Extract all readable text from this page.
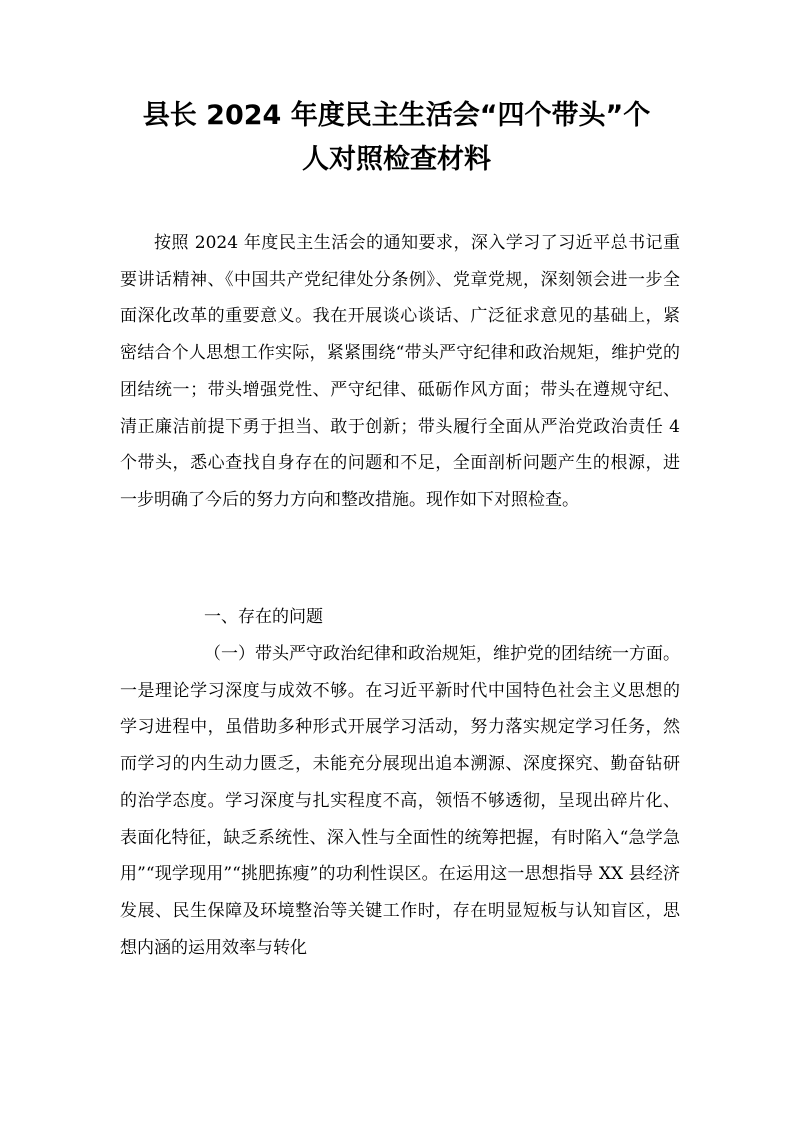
县长 2024 年度民主生活会“四个带头”个
人对照检查材料

按照 2024 年度民主生活会的通知要求，深入学习了习近平总书记重要讲话精神、《中国共产党纪律处分条例》、党章党规，深刻领会进一步全面深化改革的重要意义。我在开展谈心谈话、广泛征求意见的基础上，紧密结合个人思想工作实际，紧紧围绕“带头严守纪律和政治规矩，维护党的团结统一；带头增强党性、严守纪律、砥砺作风方面；带头在遵规守纪、清正廉洁前提下勇于担当、敢于创新；带头履行全面从严治党政治责任 4 个带头，悉心查找自身存在的问题和不足，全面剖析问题产生的根源，进一步明确了今后的努力方向和整改措施。现作如下对照检查。

一、存在的问题

（一）带头严守政治纪律和政治规矩，维护党的团结统一方面。一是理论学习深度与成效不够。在习近平新时代中国特色社会主义思想的学习进程中，虽借助多种形式开展学习活动，努力落实规定学习任务，然而学习的内生动力匮乏，未能充分展现出追本溯源、深度探究、勤奋钻研的治学态度。学习深度与扎实程度不高，领悟不够透彻，呈现出碎片化、表面化特征，缺乏系统性、深入性与全面性的统筹把握，有时陷入“急学急用”“现学现用”“挑肥拣瘦”的功利性误区。在运用这一思想指导 XX 县经济发展、民生保障及环境整治等关键工作时，存在明显短板与认知盲区，思想内涵的运用效率与转化
